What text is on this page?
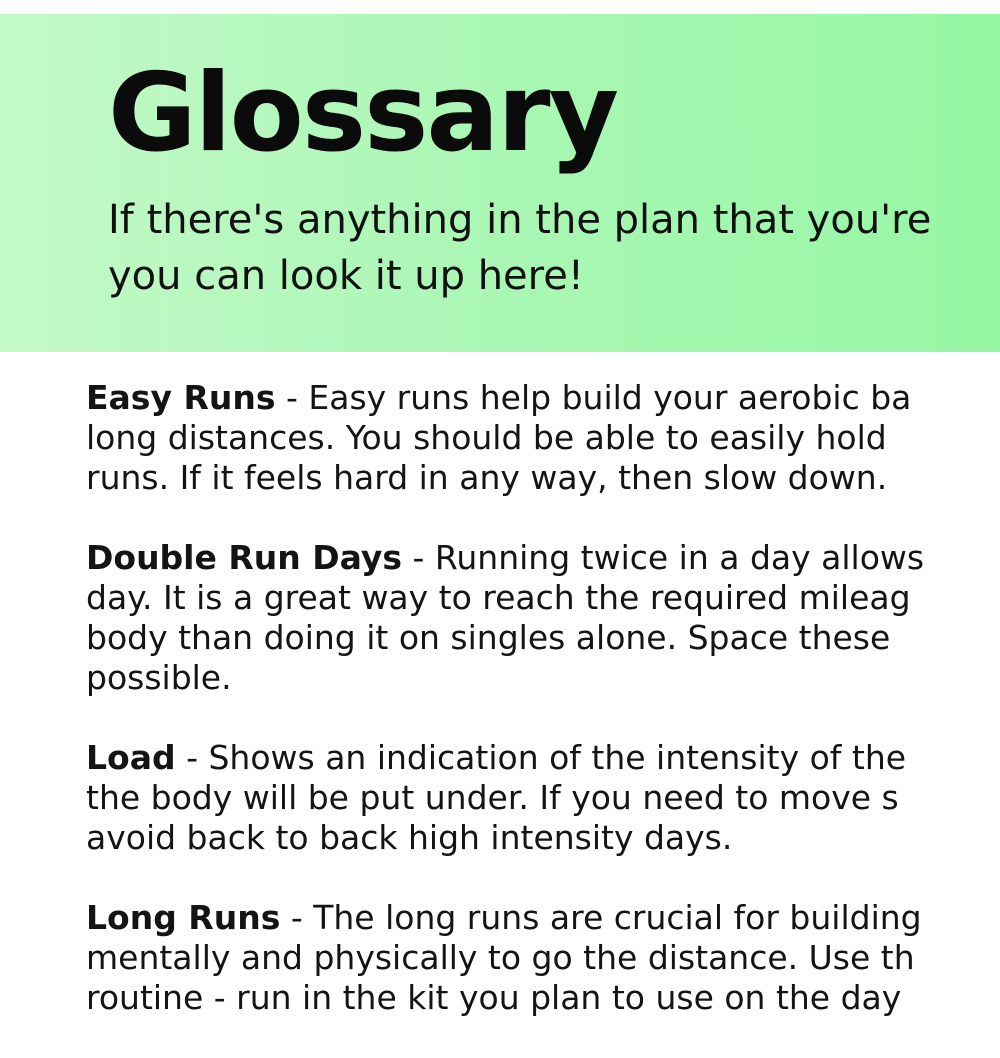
Glossary
If there's anything in the plan that you're
you can look it up here!
Easy Runs - Easy runs help build your aerobic ba
long distances. You should be able to easily hold
runs. If it feels hard in any way, then slow down.
Double Run Days - Running twice in a day allows
day. It is a great way to reach the required mileag
body than doing it on singles alone. Space these
possible.
Load - Shows an indication of the intensity of the
the body will be put under. If you need to move s
avoid back to back high intensity days.
Long Runs - The long runs are crucial for building
mentally and physically to go the distance. Use th
routine - run in the kit you plan to use on the day
